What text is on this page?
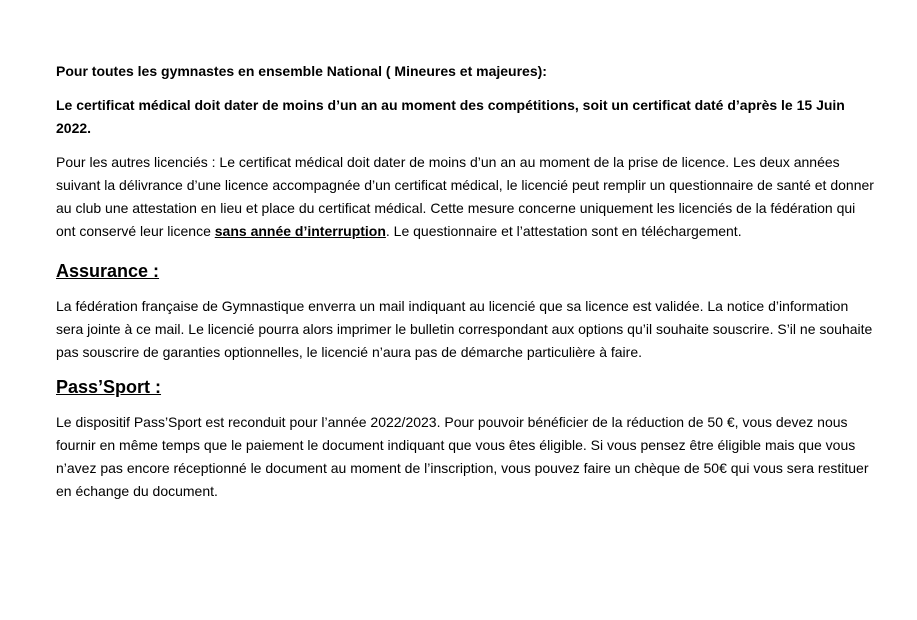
Pour toutes les gymnastes en ensemble National ( Mineures et majeures):

Le certificat médical doit dater de moins d’un an au moment des compétitions, soit un certificat daté d’après le 15 Juin 2022.

Pour les autres licenciés : Le certificat médical doit dater de moins d’un an au moment de la prise de licence. Les deux années suivant la délivrance d’une licence accompagnée d’un certificat médical, le licencié peut remplir un questionnaire de santé et donner au club une attestation en lieu et place du certificat médical. Cette mesure concerne uniquement les licenciés de la fédération qui ont conservé leur licence sans année d’interruption. Le questionnaire et l’attestation sont en téléchargement.

Assurance :

La fédération française de Gymnastique enverra un mail indiquant au licencié que sa licence est validée. La notice d’information sera jointe à ce mail. Le licencié pourra alors imprimer le bulletin correspondant aux options qu’il souhaite souscrire. S’il ne souhaite pas souscrire de garanties optionnelles, le licencié n’aura pas de démarche particulière à faire.

Pass’Sport :

Le dispositif Pass’Sport est reconduit pour l’année 2022/2023. Pour pouvoir bénéficier de la réduction de 50 €, vous devez nous fournir en même temps que le paiement le document indiquant que vous êtes éligible. Si vous pensez être éligible mais que vous n’avez pas encore réceptionné le document au moment de l’inscription, vous pouvez faire un chèque de 50€ qui vous sera restituer en échange du document.
